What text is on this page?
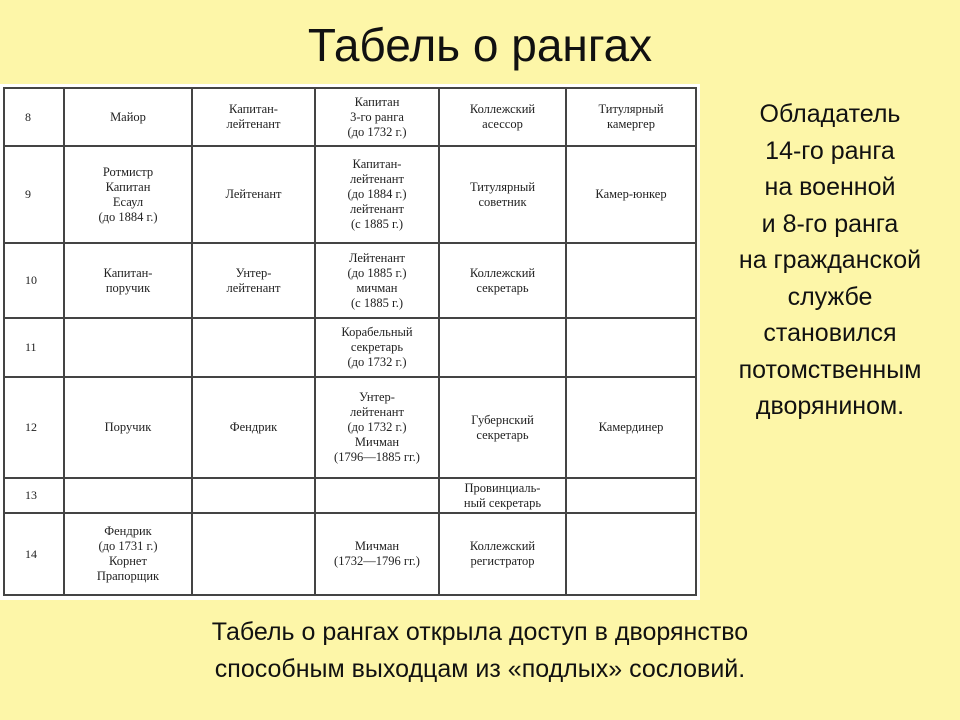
Табель о рангах
8	Майор	Капитан-
лейтенант	Капитан
3-го ранга
(до 1732 г.)	Коллежский
асессор	Титулярный
камергер
9	Ротмистр
Капитан
Есаул
(до 1884 г.)	Лейтенант	Капитан-
лейтенант
(до 1884 г.)
лейтенант
(с 1885 г.)	Титулярный
советник	Камер-юнкер
10	Капитан-
поручик	Унтер-
лейтенант	Лейтенант
(до 1885 г.)
мичман
(с 1885 г.)	Коллежский
секретарь	
11			Корабельный
секретарь
(до 1732 г.)		
12	Поручик	Фендрик	Унтер-
лейтенант
(до 1732 г.)
Мичман
(1796—1885 гг.)	Губернский
секретарь	Камердинер
13				Провинциаль-
ный секретарь	
14	Фендрик
(до 1731 г.)
Корнет
Прапорщик		Мичман
(1732—1796 гг.)	Коллежский
регистратор	
Обладатель
14-го ранга
на военной
и 8-го ранга
на гражданской
службе
становился
потомственным
дворянином.
Табель о рангах открыла доступ в дворянство
способным выходцам из «подлых» сословий.
